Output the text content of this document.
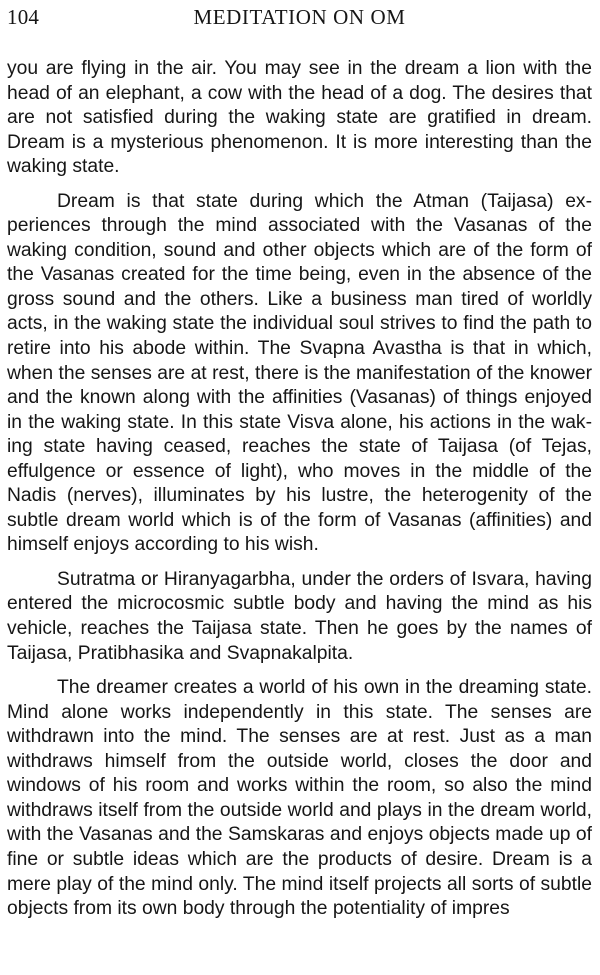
104	MEDITATION ON OM

you are flying in the air. You may see in the dream a lion with the head of an elephant, a cow with the head of a dog. The desires that are not satisfied during the waking state are gratified in dream. Dream is a mysterious phenomenon. It is more interesting than the waking state.

Dream is that state during which the Atman (Taijasa) experiences through the mind associated with the Vasanas of the waking condition, sound and other objects which are of the form of the Vasanas created for the time being, even in the absence of the gross sound and the others. Like a business man tired of worldly acts, in the waking state the individual soul strives to find the path to retire into his abode within. The Svapna Avastha is that in which, when the senses are at rest, there is the manifestation of the knower and the known along with the affinities (Vasanas) of things enjoyed in the waking state. In this state Visva alone, his actions in the waking state having ceased, reaches the state of Taijasa (of Tejas, effulgence or essence of light), who moves in the middle of the Nadis (nerves), illuminates by his lustre, the heterogenity of the subtle dream world which is of the form of Vasanas (affinities) and himself enjoys according to his wish.

Sutratma or Hiranyagarbha, under the orders of Isvara, having entered the microcosmic subtle body and having the mind as his vehicle, reaches the Taijasa state. Then he goes by the names of Taijasa, Pratibhasika and Svapnakalpita.

The dreamer creates a world of his own in the dreaming state. Mind alone works independently in this state. The senses are withdrawn into the mind. The senses are at rest. Just as a man withdraws himself from the outside world, closes the door and windows of his room and works within the room, so also the mind withdraws itself from the outside world and plays in the dream world, with the Vasanas and the Samskaras and enjoys objects made up of fine or subtle ideas which are the products of desire. Dream is a mere play of the mind only. The mind itself projects all sorts of subtle objects from its own body through the potentiality of impres
